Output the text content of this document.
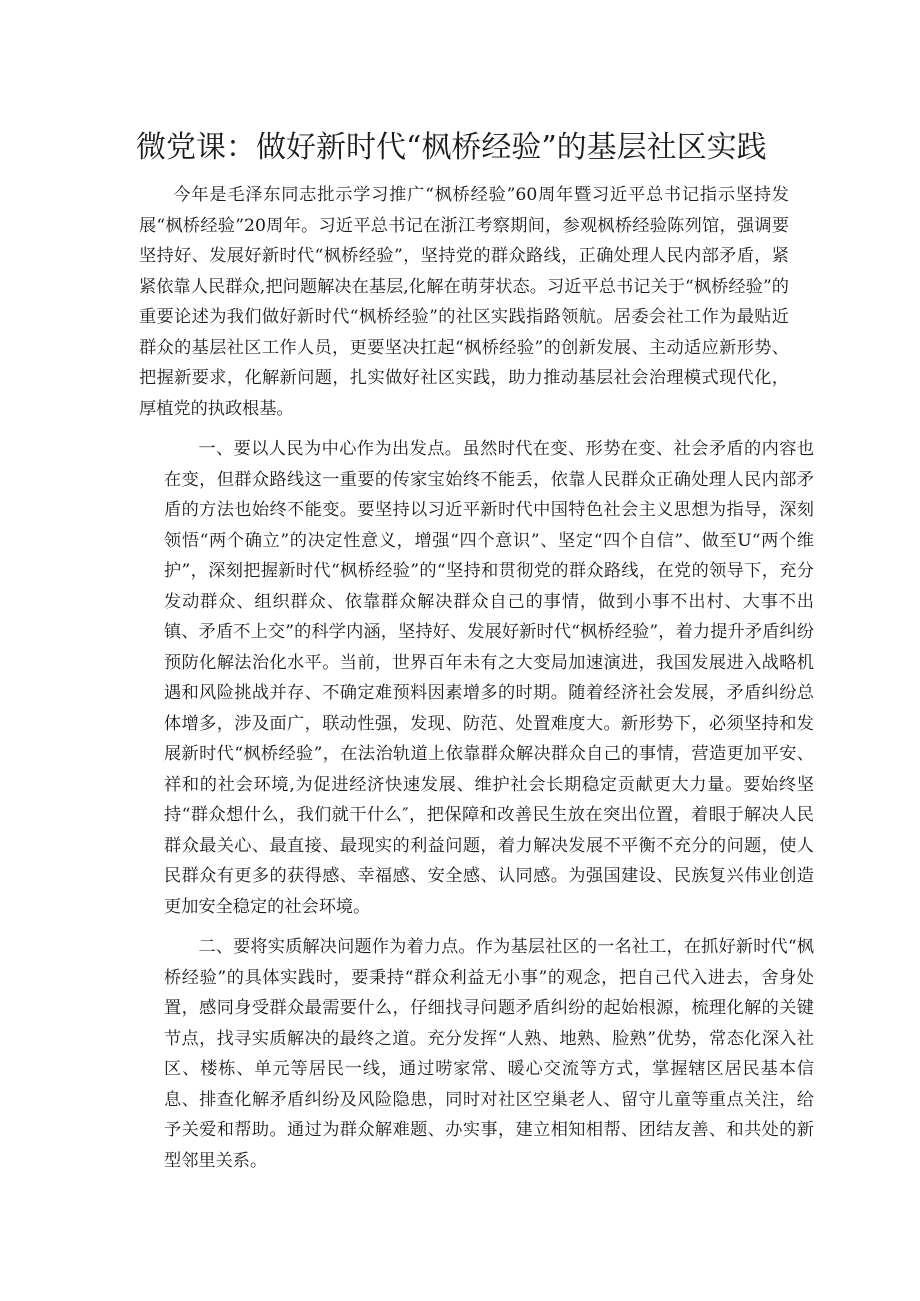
微党课：做好新时代“枫桥经验”的基层社区实践

今年是毛泽东同志批示学习推广“枫桥经验”60周年暨习近平总书记指示坚持发展“枫桥经验”20周年。习近平总书记在浙江考察期间，参观枫桥经验陈列馆，强调要坚持好、发展好新时代“枫桥经验”，坚持党的群众路线，正确处理人民内部矛盾，紧紧依靠人民群众,把问题解决在基层,化解在萌芽状态。习近平总书记关于“枫桥经验”的重要论述为我们做好新时代“枫桥经验”的社区实践指路领航。居委会社工作为最贴近群众的基层社区工作人员，更要坚决扛起“枫桥经验”的创新发展、主动适应新形势、把握新要求，化解新问题，扎实做好社区实践，助力推动基层社会治理模式现代化，厚植党的执政根基。

一、要以人民为中心作为出发点。虽然时代在变、形势在变、社会矛盾的内容也在变，但群众路线这一重要的传家宝始终不能丢，依靠人民群众正确处理人民内部矛盾的方法也始终不能变。要坚持以习近平新时代中国特色社会主义思想为指导，深刻领悟“两个确立”的决定性意义，增强“四个意识”、坚定“四个自信”、做至U“两个维护”，深刻把握新时代“枫桥经验”的“坚持和贯彻党的群众路线，在党的领导下，充分发动群众、组织群众、依靠群众解决群众自己的事情，做到小事不出村、大事不出镇、矛盾不上交”的科学内涵，坚持好、发展好新时代“枫桥经验”，着力提升矛盾纠纷预防化解法治化水平。当前，世界百年未有之大变局加速演进，我国发展进入战略机遇和风险挑战并存、不确定难预料因素增多的时期。随着经济社会发展，矛盾纠纷总体增多，涉及面广，联动性强，发现、防范、处置难度大。新形势下，必须坚持和发展新时代“枫桥经验”，在法治轨道上依靠群众解决群众自己的事情，营造更加平安、祥和的社会环境,为促进经济快速发展、维护社会长期稳定贡献更大力量。要始终坚持“群众想什么，我们就干什么″，把保障和改善民生放在突出位置，着眼于解决人民群众最关心、最直接、最现实的利益问题，着力解决发展不平衡不充分的问题，使人民群众有更多的获得感、幸福感、安全感、认同感。为强国建设、民族复兴伟业创造更加安全稳定的社会环境。

二、要将实质解决问题作为着力点。作为基层社区的一名社工，在抓好新时代“枫桥经验”的具体实践时，要秉持“群众利益无小事”的观念，把自己代入进去，舍身处置，感同身受群众最需要什么，仔细找寻问题矛盾纠纷的起始根源，梳理化解的关键节点，找寻实质解决的最终之道。充分发挥“人熟、地熟、脸熟”优势，常态化深入社区、楼栋、单元等居民一线，通过唠家常、暖心交流等方式，掌握辖区居民基本信息、排查化解矛盾纠纷及风险隐患，同时对社区空巢老人、留守儿童等重点关注，给予关爱和帮助。通过为群众解难题、办实事，建立相知相帮、团结友善、和共处的新型邻里关系。
